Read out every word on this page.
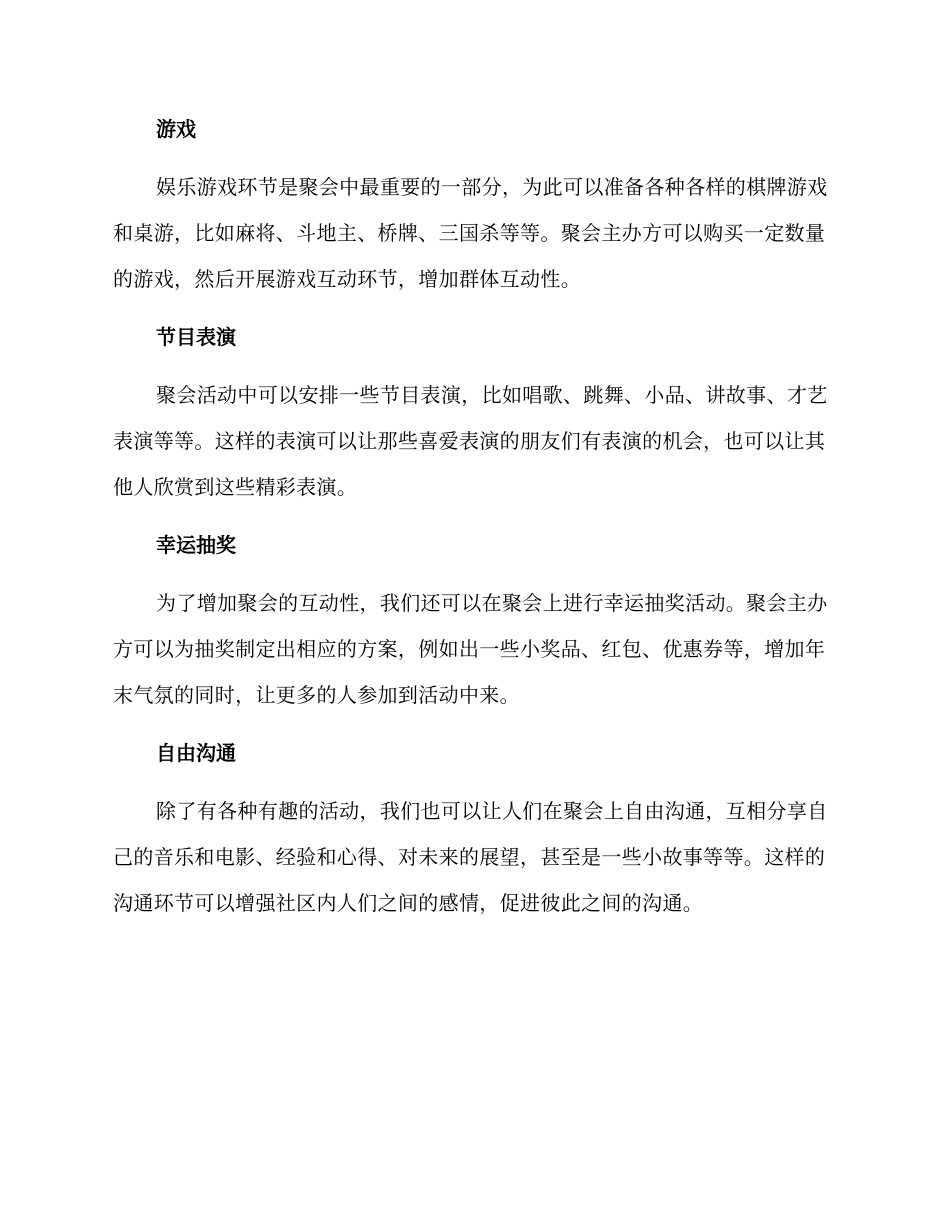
游戏

娱乐游戏环节是聚会中最重要的一部分，为此可以准备各种各样的棋牌游戏和桌游，比如麻将、斗地主、桥牌、三国杀等等。聚会主办方可以购买一定数量的游戏，然后开展游戏互动环节，增加群体互动性。

节目表演

聚会活动中可以安排一些节目表演，比如唱歌、跳舞、小品、讲故事、才艺表演等等。这样的表演可以让那些喜爱表演的朋友们有表演的机会，也可以让其他人欣赏到这些精彩表演。

幸运抽奖

为了增加聚会的互动性，我们还可以在聚会上进行幸运抽奖活动。聚会主办方可以为抽奖制定出相应的方案，例如出一些小奖品、红包、优惠券等，增加年末气氛的同时，让更多的人参加到活动中来。

自由沟通

除了有各种有趣的活动，我们也可以让人们在聚会上自由沟通，互相分享自己的音乐和电影、经验和心得、对未来的展望，甚至是一些小故事等等。这样的沟通环节可以增强社区内人们之间的感情，促进彼此之间的沟通。
